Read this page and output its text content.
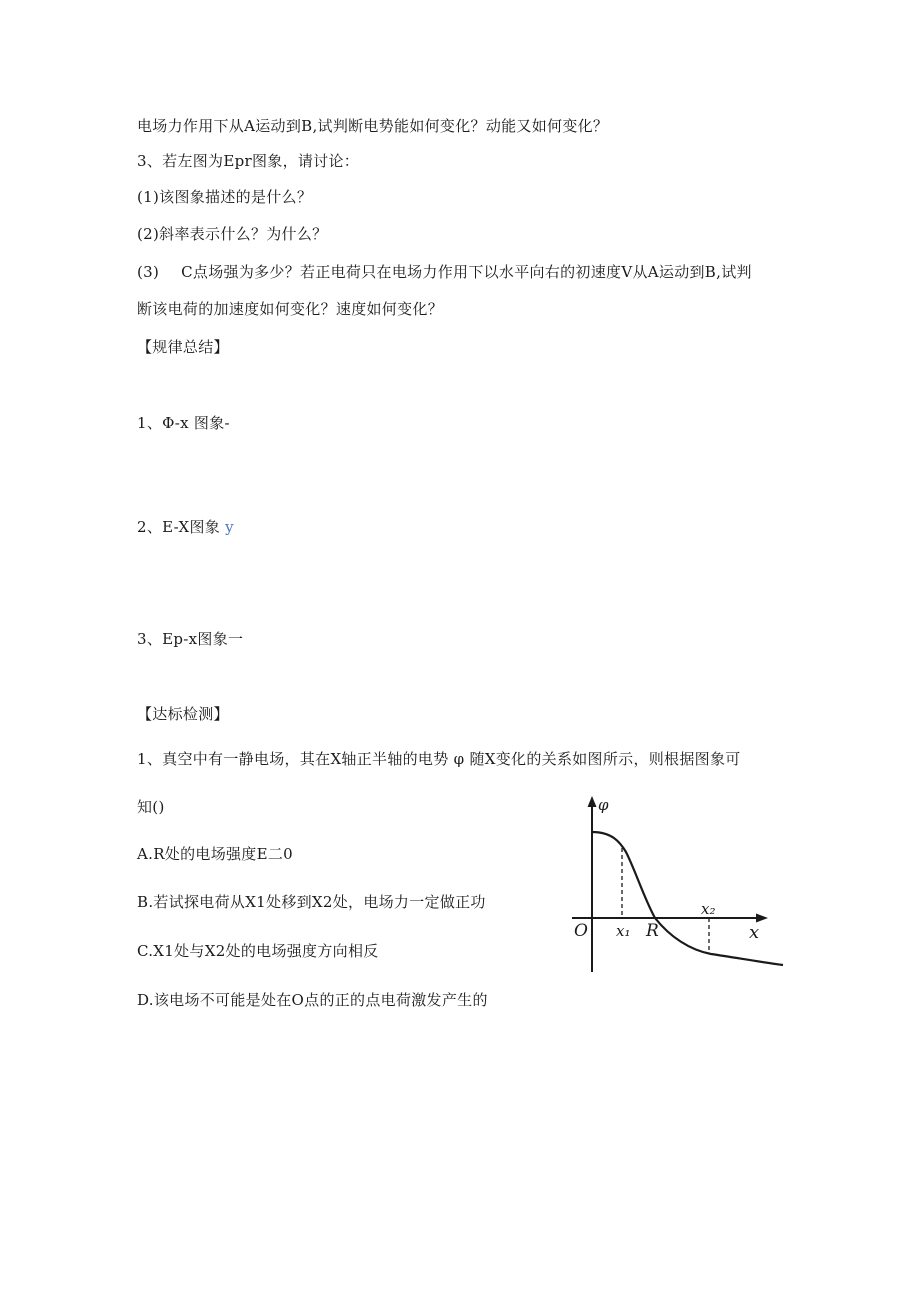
电场力作用下从A运动到B,试判断电势能如何变化？动能又如何变化？
3、若左图为Epr图象，请讨论：
(1)该图象描述的是什么？
(2)斜率表示什么？为什么？
(3) C点场强为多少？若正电荷只在电场力作用下以水平向右的初速度V从A运动到B,试判
断该电荷的加速度如何变化？速度如何变化？
【规律总结】
1、Φ-x 图象-
2、E-X图象 y
3、Ep-x图象一
【达标检测】
1、真空中有一静电场，其在X轴正半轴的电势 φ 随X变化的关系如图所示，则根据图象可
知()
A.R处的电场强度E二0
B.若试探电荷从X1处移到X2处，电场力一定做正功
C.X1处与X2处的电场强度方向相反
D.该电场不可能是处在O点的正的点电荷激发产生的
φ
O x₁ R
x₂
x
